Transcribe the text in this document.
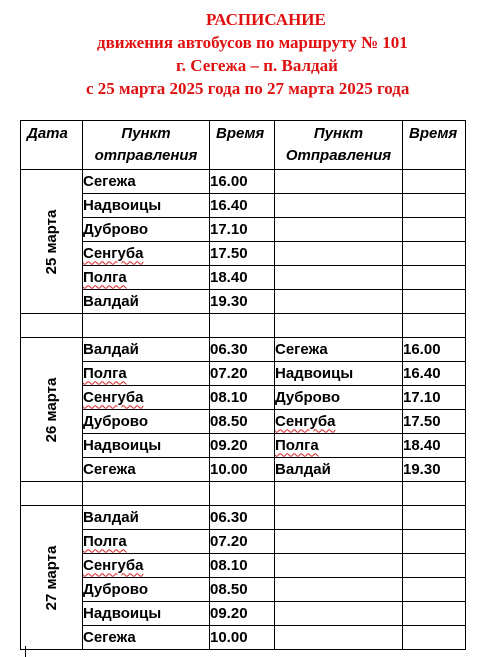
РАСПИСАНИЕ
движения автобусов по маршруту № 101
г. Сегежа – п. Валдай
с 25 марта 2025 года по 27 марта 2025 года
Дата	Пункт отправления	Время	Пункт Отправления	Время

25 марта	Сегежа	16.00		
	Надвоицы	16.40		
	Дуброво	17.10		
	Сенгуба	17.50		
	Полга	18.40		
	Валдай	19.30		

26 марта	Валдай	06.30	Сегежа	16.00
	Полга	07.20	Надвоицы	16.40
	Сенгуба	08.10	Дуброво	17.10
	Дуброво	08.50	Сенгуба	17.50
	Надвоицы	09.20	Полга	18.40
	Сегежа	10.00	Валдай	19.30

27 марта	Валдай	06.30		
	Полга	07.20		
	Сенгуба	08.10		
	Дуброво	08.50		
	Надвоицы	09.20		
	Сегежа	10.00		
